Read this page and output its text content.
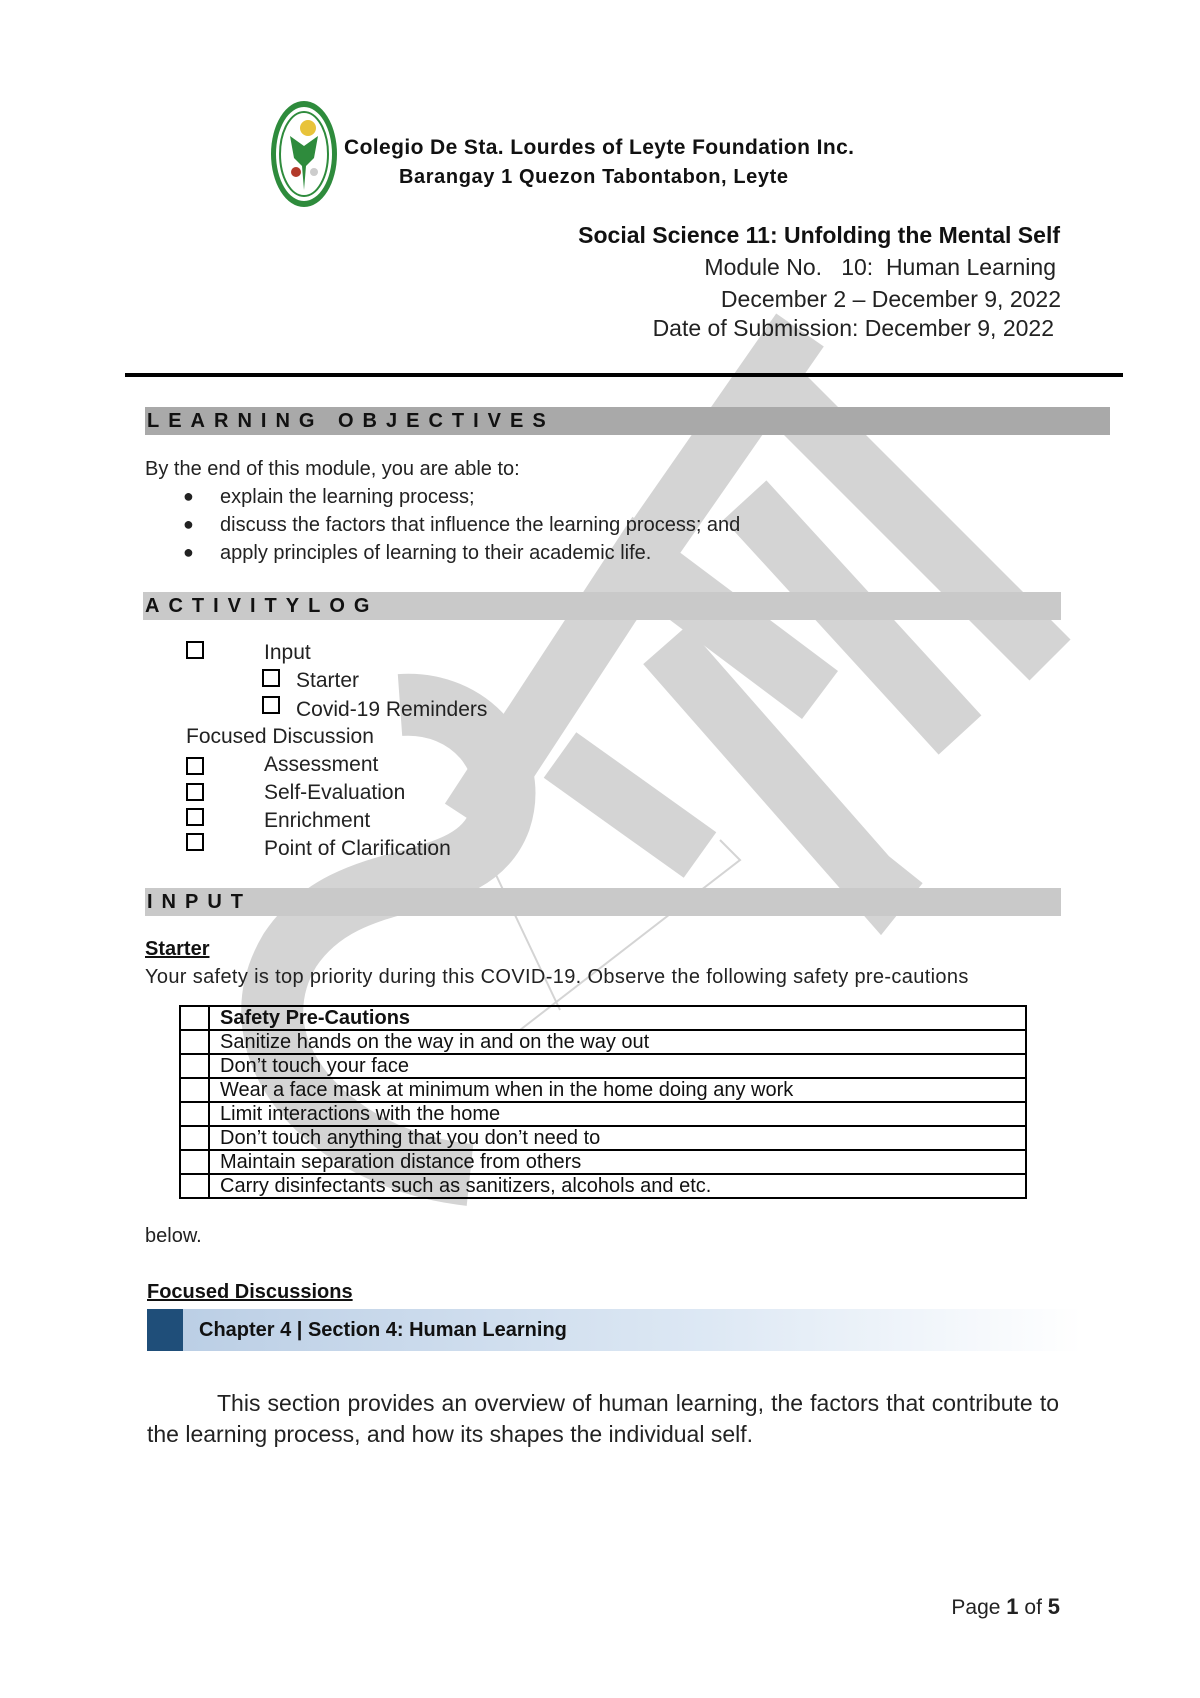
Colegio De Sta. Lourdes of Leyte Foundation Inc.
Barangay 1 Quezon Tabontabon, Leyte
Social Science 11: Unfolding the Mental Self
Module No.   10:  Human Learning
December 2 – December 9, 2022
Date of Submission: December 9, 2022
LEARNING OBJECTIVES
By the end of this module, you are able to:
● explain the learning process;
● discuss the factors that influence the learning process; and
● apply principles of learning to their academic life.
ACTIVITYLOG
Input
Starter
Covid-19 Reminders
Focused Discussion
Assessment
Self-Evaluation
Enrichment
Point of Clarification
INPUT
Starter
Your safety is top priority during this COVID-19. Observe the following safety pre-cautions
	Safety Pre-Cautions
	Sanitize hands on the way in and on the way out
	Don’t touch your face
	Wear a face mask at minimum when in the home doing any work
	Limit interactions with the home
	Don’t touch anything that you don’t need to
	Maintain separation distance from others
	Carry disinfectants such as sanitizers, alcohols and etc.
below.
Focused Discussions
Chapter 4 | Section 4: Human Learning
This section provides an overview of human learning, the factors that contribute to the learning process, and how its shapes the individual self.
Page 1 of 5
